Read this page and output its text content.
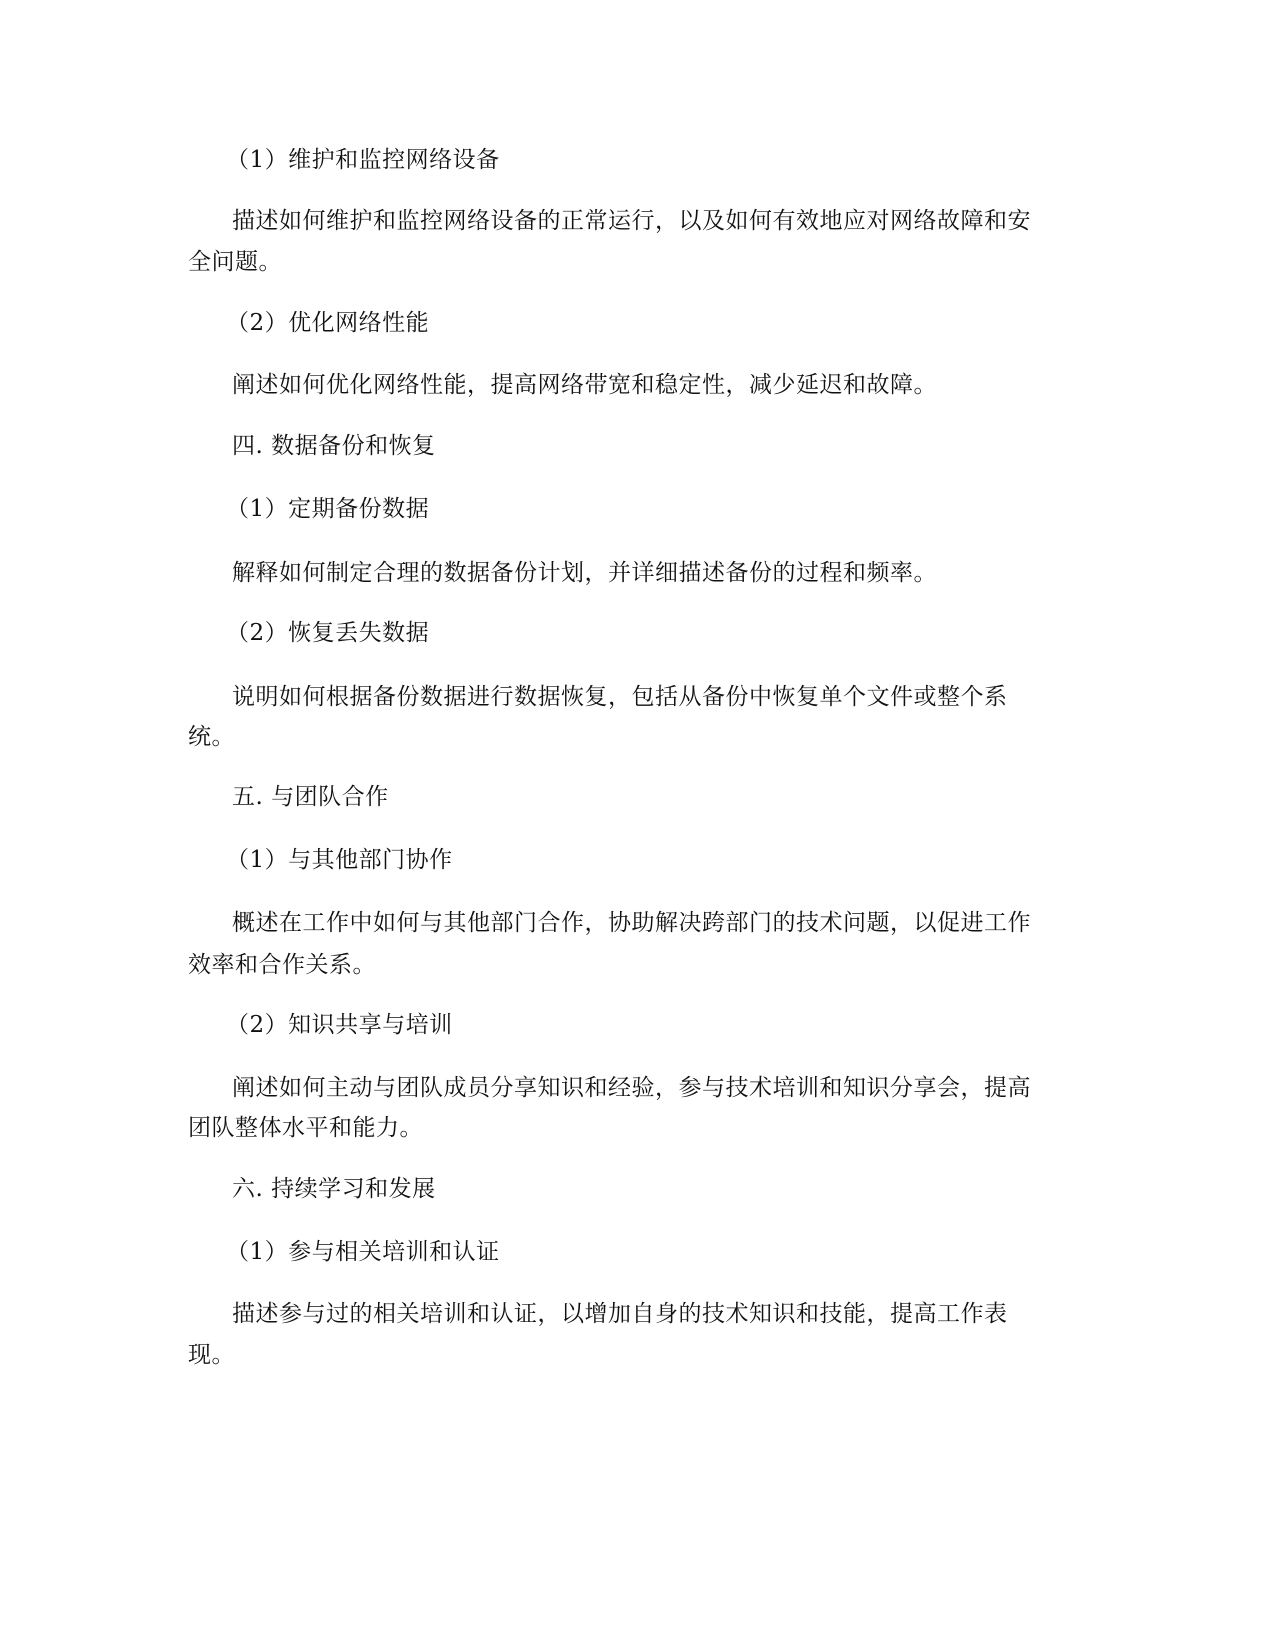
（1）维护和监控网络设备
描述如何维护和监控网络设备的正常运行，以及如何有效地应对网络故障和安
全问题。
（2）优化网络性能
阐述如何优化网络性能，提高网络带宽和稳定性，减少延迟和故障。
四. 数据备份和恢复
（1）定期备份数据
解释如何制定合理的数据备份计划，并详细描述备份的过程和频率。
（2）恢复丢失数据
说明如何根据备份数据进行数据恢复，包括从备份中恢复单个文件或整个系
统。
五. 与团队合作
（1）与其他部门协作
概述在工作中如何与其他部门合作，协助解决跨部门的技术问题，以促进工作
效率和合作关系。
（2）知识共享与培训
阐述如何主动与团队成员分享知识和经验，参与技术培训和知识分享会，提高
团队整体水平和能力。
六. 持续学习和发展
（1）参与相关培训和认证
描述参与过的相关培训和认证，以增加自身的技术知识和技能，提高工作表
现。
